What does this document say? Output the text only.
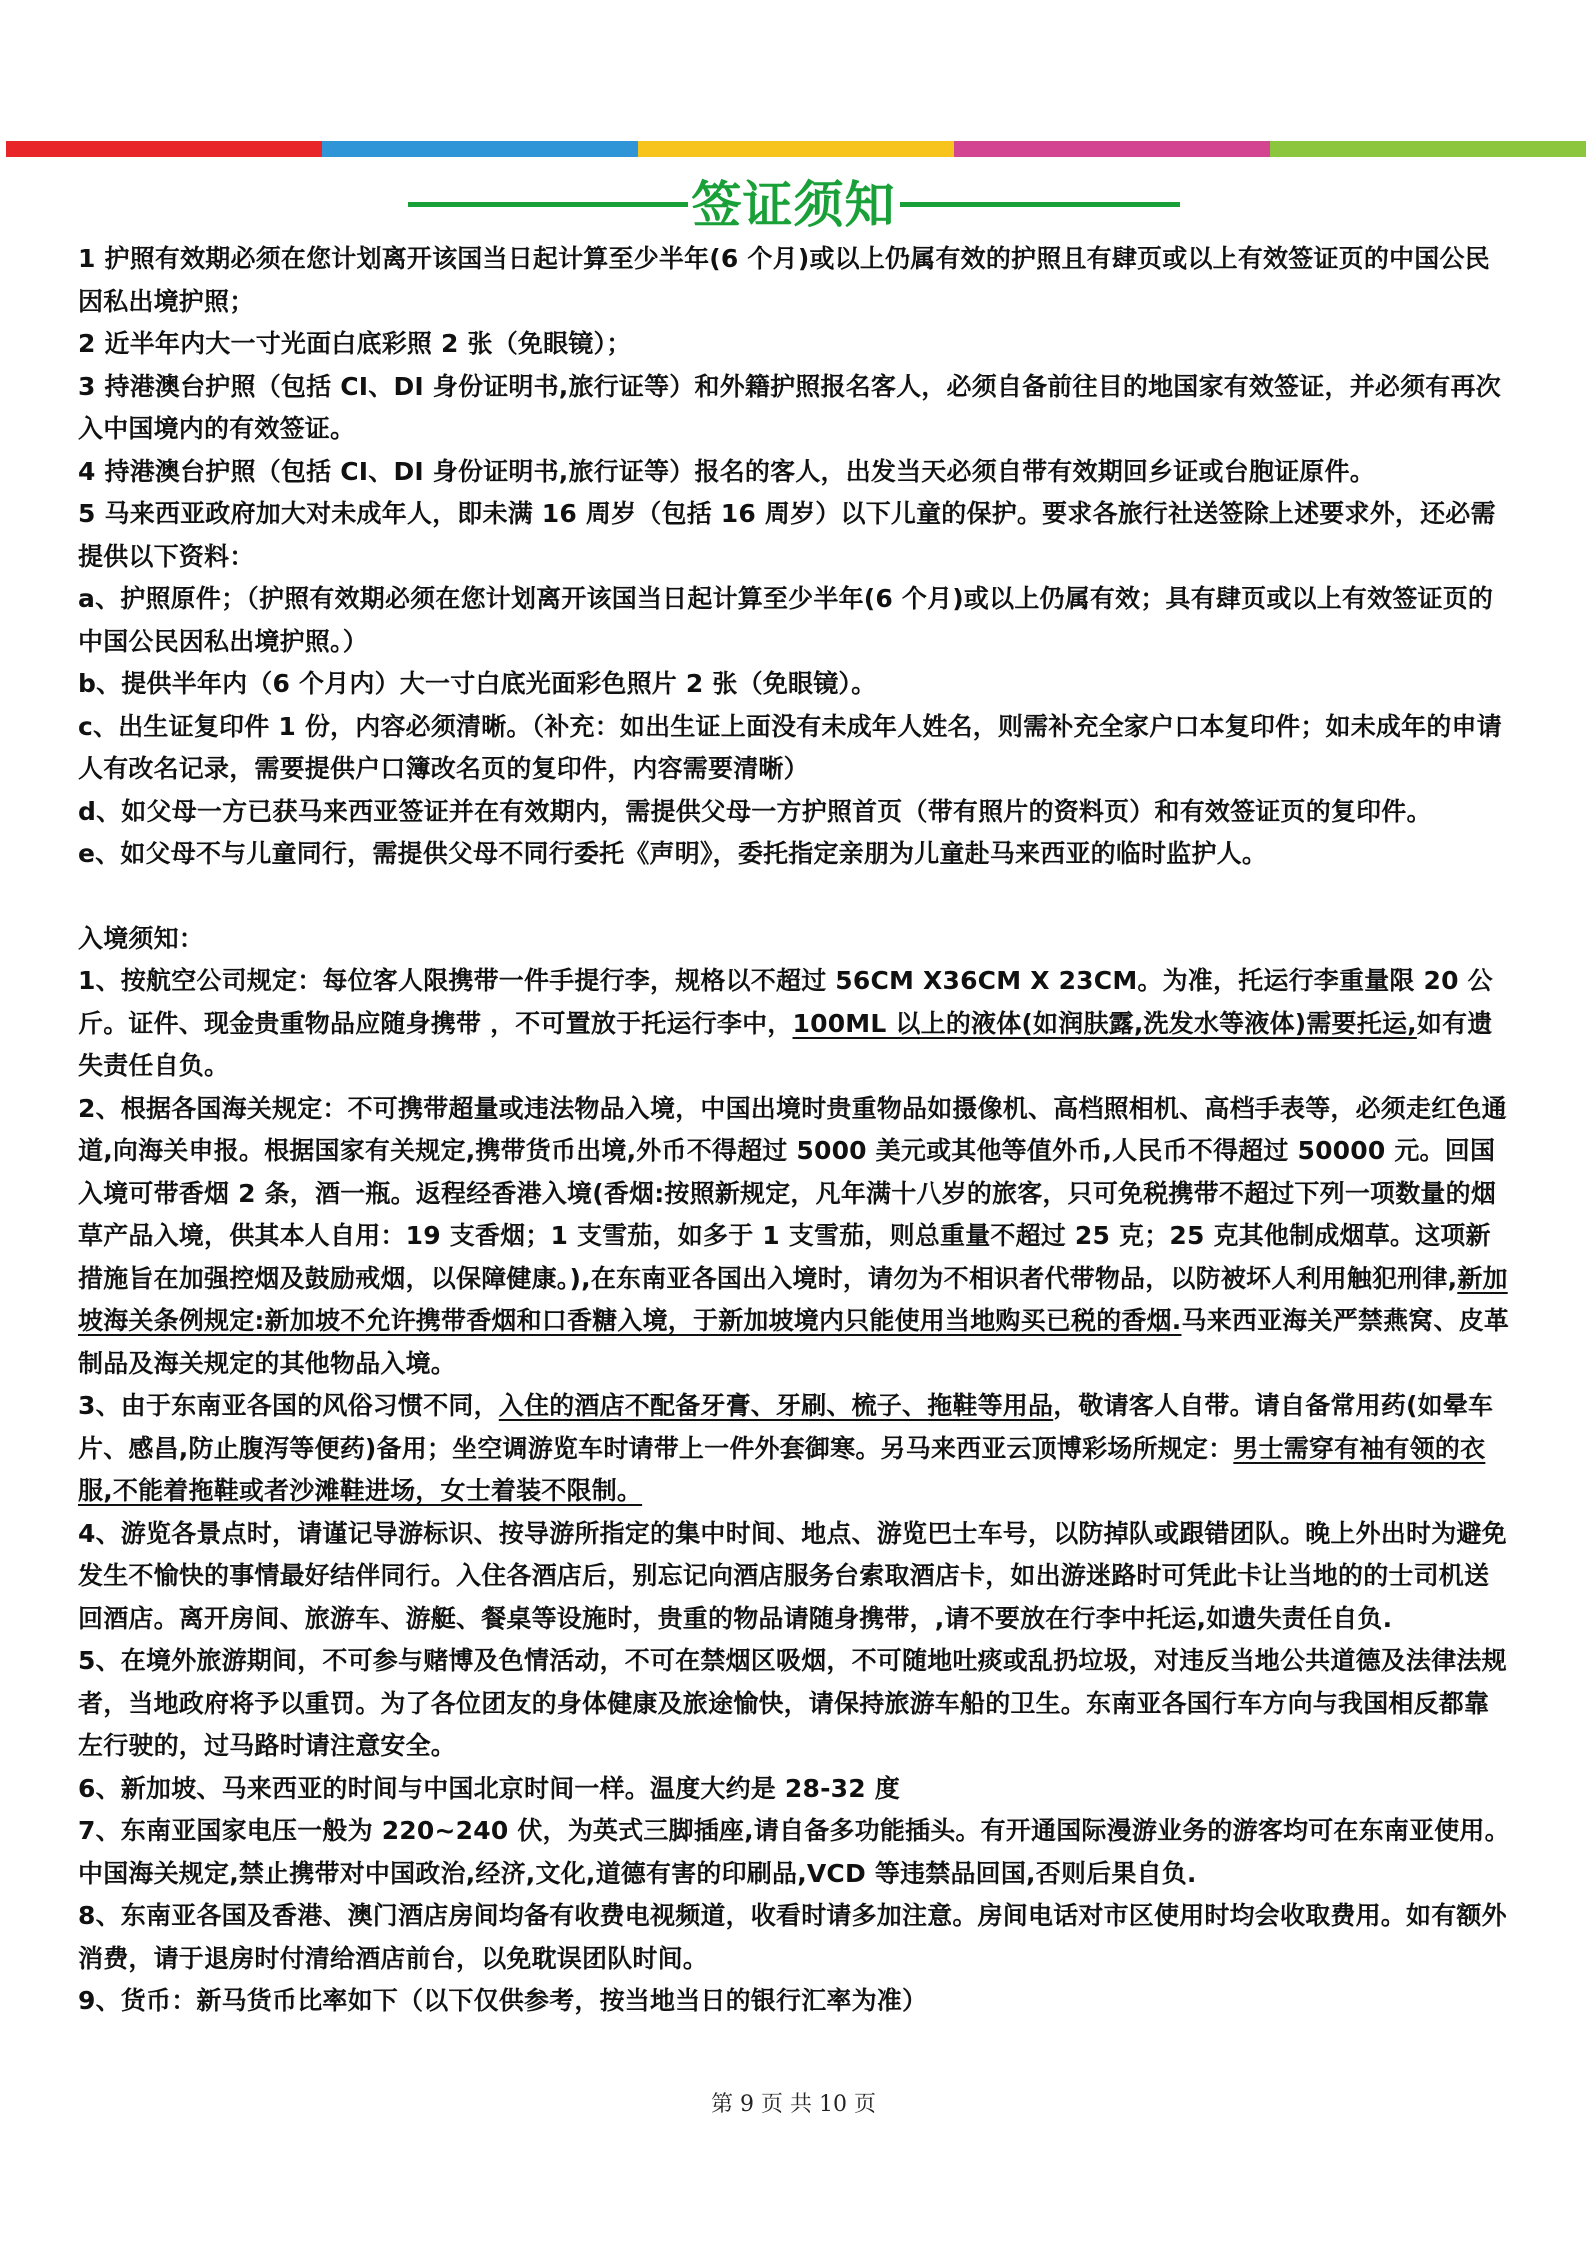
签证须知

1 护照有效期必须在您计划离开该国当日起计算至少半年(6 个月)或以上仍属有效的护照且有肆页或以上有效签证页的中国公民因私出境护照；

2 近半年内大一寸光面白底彩照 2 张（免眼镜）；

3 持港澳台护照（包括 CI、DI 身份证明书,旅行证等）和外籍护照报名客人，必须自备前往目的地国家有效签证，并必须有再次入中国境内的有效签证。

4 持港澳台护照（包括 CI、DI 身份证明书,旅行证等）报名的客人，出发当天必须自带有效期回乡证或台胞证原件。

5 马来西亚政府加大对未成年人，即未满 16 周岁（包括 16 周岁）以下儿童的保护。要求各旅行社送签除上述要求外，还必需提供以下资料：

a、护照原件；（护照有效期必须在您计划离开该国当日起计算至少半年(6 个月)或以上仍属有效；具有肆页或以上有效签证页的中国公民因私出境护照。）

b、提供半年内（6 个月内）大一寸白底光面彩色照片 2 张（免眼镜）。

c、出生证复印件 1 份，内容必须清晰。（补充：如出生证上面没有未成年人姓名，则需补充全家户口本复印件；如未成年的申请人有改名记录，需要提供户口簿改名页的复印件，内容需要清晰）

d、如父母一方已获马来西亚签证并在有效期内，需提供父母一方护照首页（带有照片的资料页）和有效签证页的复印件。

e、如父母不与儿童同行，需提供父母不同行委托《声明》，委托指定亲朋为儿童赴马来西亚的临时监护人。

入境须知：

1、按航空公司规定：每位客人限携带一件手提行李，规格以不超过 56CM X36CM X 23CM。为准，托运行李重量限 20 公斤。证件、现金贵重物品应随身携带 ，不可置放于托运行李中，100ML 以上的液体(如润肤露,洗发水等液体)需要托运,如有遗失责任自负。

2、根据各国海关规定：不可携带超量或违法物品入境，中国出境时贵重物品如摄像机、高档照相机、高档手表等，必须走红色通道,向海关申报。根据国家有关规定,携带货币出境,外币不得超过 5000 美元或其他等值外币,人民币不得超过 50000 元。回国入境可带香烟 2 条，酒一瓶。返程经香港入境(香烟:按照新规定，凡年满十八岁的旅客，只可免税携带不超过下列一项数量的烟草产品入境，供其本人自用：19 支香烟；1 支雪茄，如多于 1 支雪茄，则总重量不超过 25 克；25 克其他制成烟草。这项新措施旨在加强控烟及鼓励戒烟，以保障健康。),在东南亚各国出入境时，请勿为不相识者代带物品，以防被坏人利用触犯刑律,新加坡海关条例规定:新加坡不允许携带香烟和口香糖入境，于新加坡境内只能使用当地购买已税的香烟.马来西亚海关严禁燕窝、皮革制品及海关规定的其他物品入境。

3、由于东南亚各国的风俗习惯不同，入住的酒店不配备牙膏、牙刷、梳子、拖鞋等用品，敬请客人自带。请自备常用药(如晕车片、感昌,防止腹泻等便药)备用；坐空调游览车时请带上一件外套御寒。另马来西亚云顶博彩场所规定：男士需穿有袖有领的衣服,不能着拖鞋或者沙滩鞋进场，女士着装不限制。

4、游览各景点时，请谨记导游标识、按导游所指定的集中时间、地点、游览巴士车号，以防掉队或跟错团队。晚上外出时为避免发生不愉快的事情最好结伴同行。入住各酒店后，别忘记向酒店服务台索取酒店卡，如出游迷路时可凭此卡让当地的的士司机送回酒店。离开房间、旅游车、游艇、餐桌等设施时，贵重的物品请随身携带，,请不要放在行李中托运,如遗失责任自负.

5、在境外旅游期间，不可参与赌博及色情活动，不可在禁烟区吸烟，不可随地吐痰或乱扔垃圾，对违反当地公共道德及法律法规者，当地政府将予以重罚。为了各位团友的身体健康及旅途愉快，请保持旅游车船的卫生。东南亚各国行车方向与我国相反都靠左行驶的，过马路时请注意安全。

6、新加坡、马来西亚的时间与中国北京时间一样。温度大约是 28-32 度

7、东南亚国家电压一般为 220~240 伏，为英式三脚插座,请自备多功能插头。有开通国际漫游业务的游客均可在东南亚使用。中国海关规定,禁止携带对中国政治,经济,文化,道德有害的印刷品,VCD 等违禁品回国,否则后果自负.

8、东南亚各国及香港、澳门酒店房间均备有收费电视频道，收看时请多加注意。房间电话对市区使用时均会收取费用。如有额外消费，请于退房时付清给酒店前台，以免耽误团队时间。

9、货币：新马货币比率如下（以下仅供参考，按当地当日的银行汇率为准）

第 9 页 共 10 页
